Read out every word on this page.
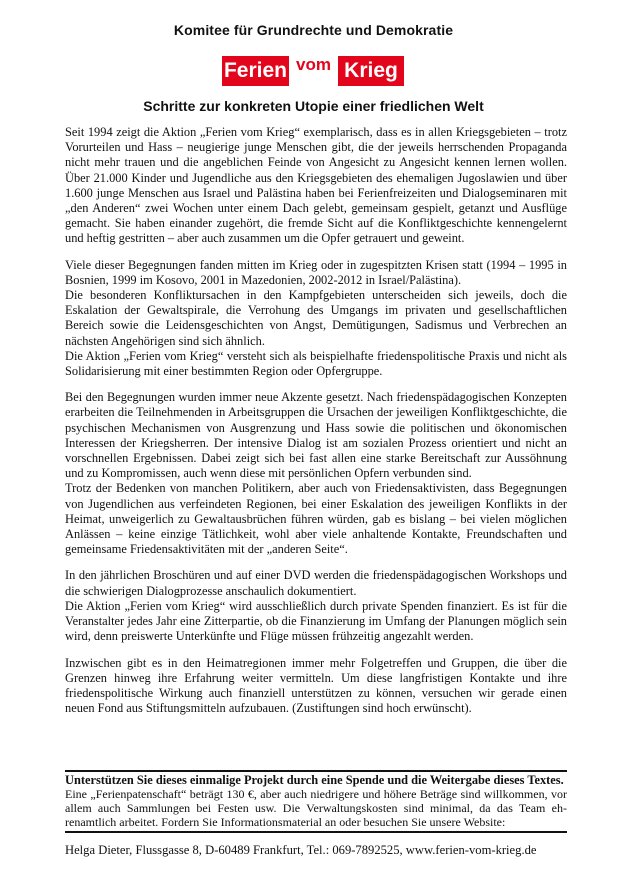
Komitee für Grundrechte und Demokratie
Ferien vom Krieg
Schritte zur konkreten Utopie einer friedlichen Welt

Seit 1994 zeigt die Aktion „Ferien vom Krieg“ exemplarisch, dass es in allen Kriegsgebieten – trotz Vorurteilen und Hass – neugierige junge Menschen gibt, die der jeweils herrschenden Propaganda nicht mehr trauen und die angeblichen Feinde von Angesicht zu Angesicht kennen lernen wollen. Über 21.000 Kinder und Jugendliche aus den Kriegsgebieten des ehemaligen Jugoslawien und über 1.600 junge Menschen aus Israel und Palästina haben bei Ferienfreizeiten und Dialogseminaren mit „den Anderen“ zwei Wochen unter einem Dach gelebt, gemeinsam gespielt, getanzt und Ausflüge gemacht. Sie haben einander zugehört, die fremde Sicht auf die Konfliktgeschichte kennengelernt und heftig gestritten – aber auch zusammen um die Opfer getrauert und geweint.

Viele dieser Begegnungen fanden mitten im Krieg oder in zugespitzten Krisen statt (1994 – 1995 in Bosnien, 1999 im Kosovo, 2001 in Mazedonien, 2002-2012 in Israel/Palästina).

Die besonderen Konfliktursachen in den Kampfgebieten unterscheiden sich jeweils, doch die Eskalation der Gewaltspirale, die Verrohung des Umgangs im privaten und gesellschaftlichen Bereich sowie die Leidensgeschichten von Angst, Demütigungen, Sadismus und Verbrechen an nächsten Angehörigen sind sich ähnlich.

Die Aktion „Ferien vom Krieg“ versteht sich als beispielhafte friedenspolitische Praxis und nicht als Solidarisierung mit einer bestimmten Region oder Opfergruppe.

Bei den Begegnungen wurden immer neue Akzente gesetzt. Nach friedenspädagogischen Konzepten erarbeiten die Teilnehmenden in Arbeitsgruppen die Ursachen der jeweiligen Konfliktgeschichte, die psychischen Mechanismen von Ausgrenzung und Hass sowie die politischen und ökonomischen Interessen der Kriegsherren. Der intensive Dialog ist am sozialen Prozess orientiert und nicht an vorschnellen Ergebnissen. Dabei zeigt sich bei fast allen eine starke Bereitschaft zur Aussöhnung und zu Kompromissen, auch wenn diese mit persönlichen Opfern verbunden sind.

Trotz der Bedenken von manchen Politikern, aber auch von Friedensaktivisten, dass Begegnungen von Jugendlichen aus verfeindeten Regionen, bei einer Eskalation des jeweiligen Konflikts in der Heimat, unweigerlich zu Gewaltausbrüchen führen würden, gab es bislang – bei vielen möglichen Anlässen – keine einzige Tätlichkeit, wohl aber viele anhaltende Kontakte, Freundschaften und gemeinsame Friedensaktivitäten mit der „anderen Seite“.

In den jährlichen Broschüren und auf einer DVD werden die friedenspädagogischen Workshops und die schwierigen Dialogprozesse anschaulich dokumentiert.

Die Aktion „Ferien vom Krieg“ wird ausschließlich durch private Spenden finanziert. Es ist für die Veranstalter jedes Jahr eine Zitterpartie, ob die Finanzierung im Umfang der Planungen möglich sein wird, denn preiswerte Unterkünfte und Flüge müssen frühzeitig angezahlt werden.

Inzwischen gibt es in den Heimatregionen immer mehr Folgetreffen und Gruppen, die über die Grenzen hinweg ihre Erfahrung weiter vermitteln. Um diese langfristigen Kontakte und ihre friedenspolitische Wirkung auch finanziell unterstützen zu können, versuchen wir gerade einen neuen Fond aus Stiftungsmitteln aufzubauen. (Zustiftungen sind hoch erwünscht).

Unterstützen Sie dieses einmalige Projekt durch eine Spende und die Weitergabe dieses Textes.
Eine „Ferienpatenschaft“ beträgt 130 €, aber auch niedrigere und höhere Beträge sind willkommen, vor allem auch Sammlungen bei Festen usw. Die Verwaltungskosten sind minimal, da das Team ehrenamtlich arbeitet. Fordern Sie Informationsmaterial an oder besuchen Sie unsere Website:
Helga Dieter, Flussgasse 8, D-60489 Frankfurt, Tel.: 069-7892525, www.ferien-vom-krieg.de
